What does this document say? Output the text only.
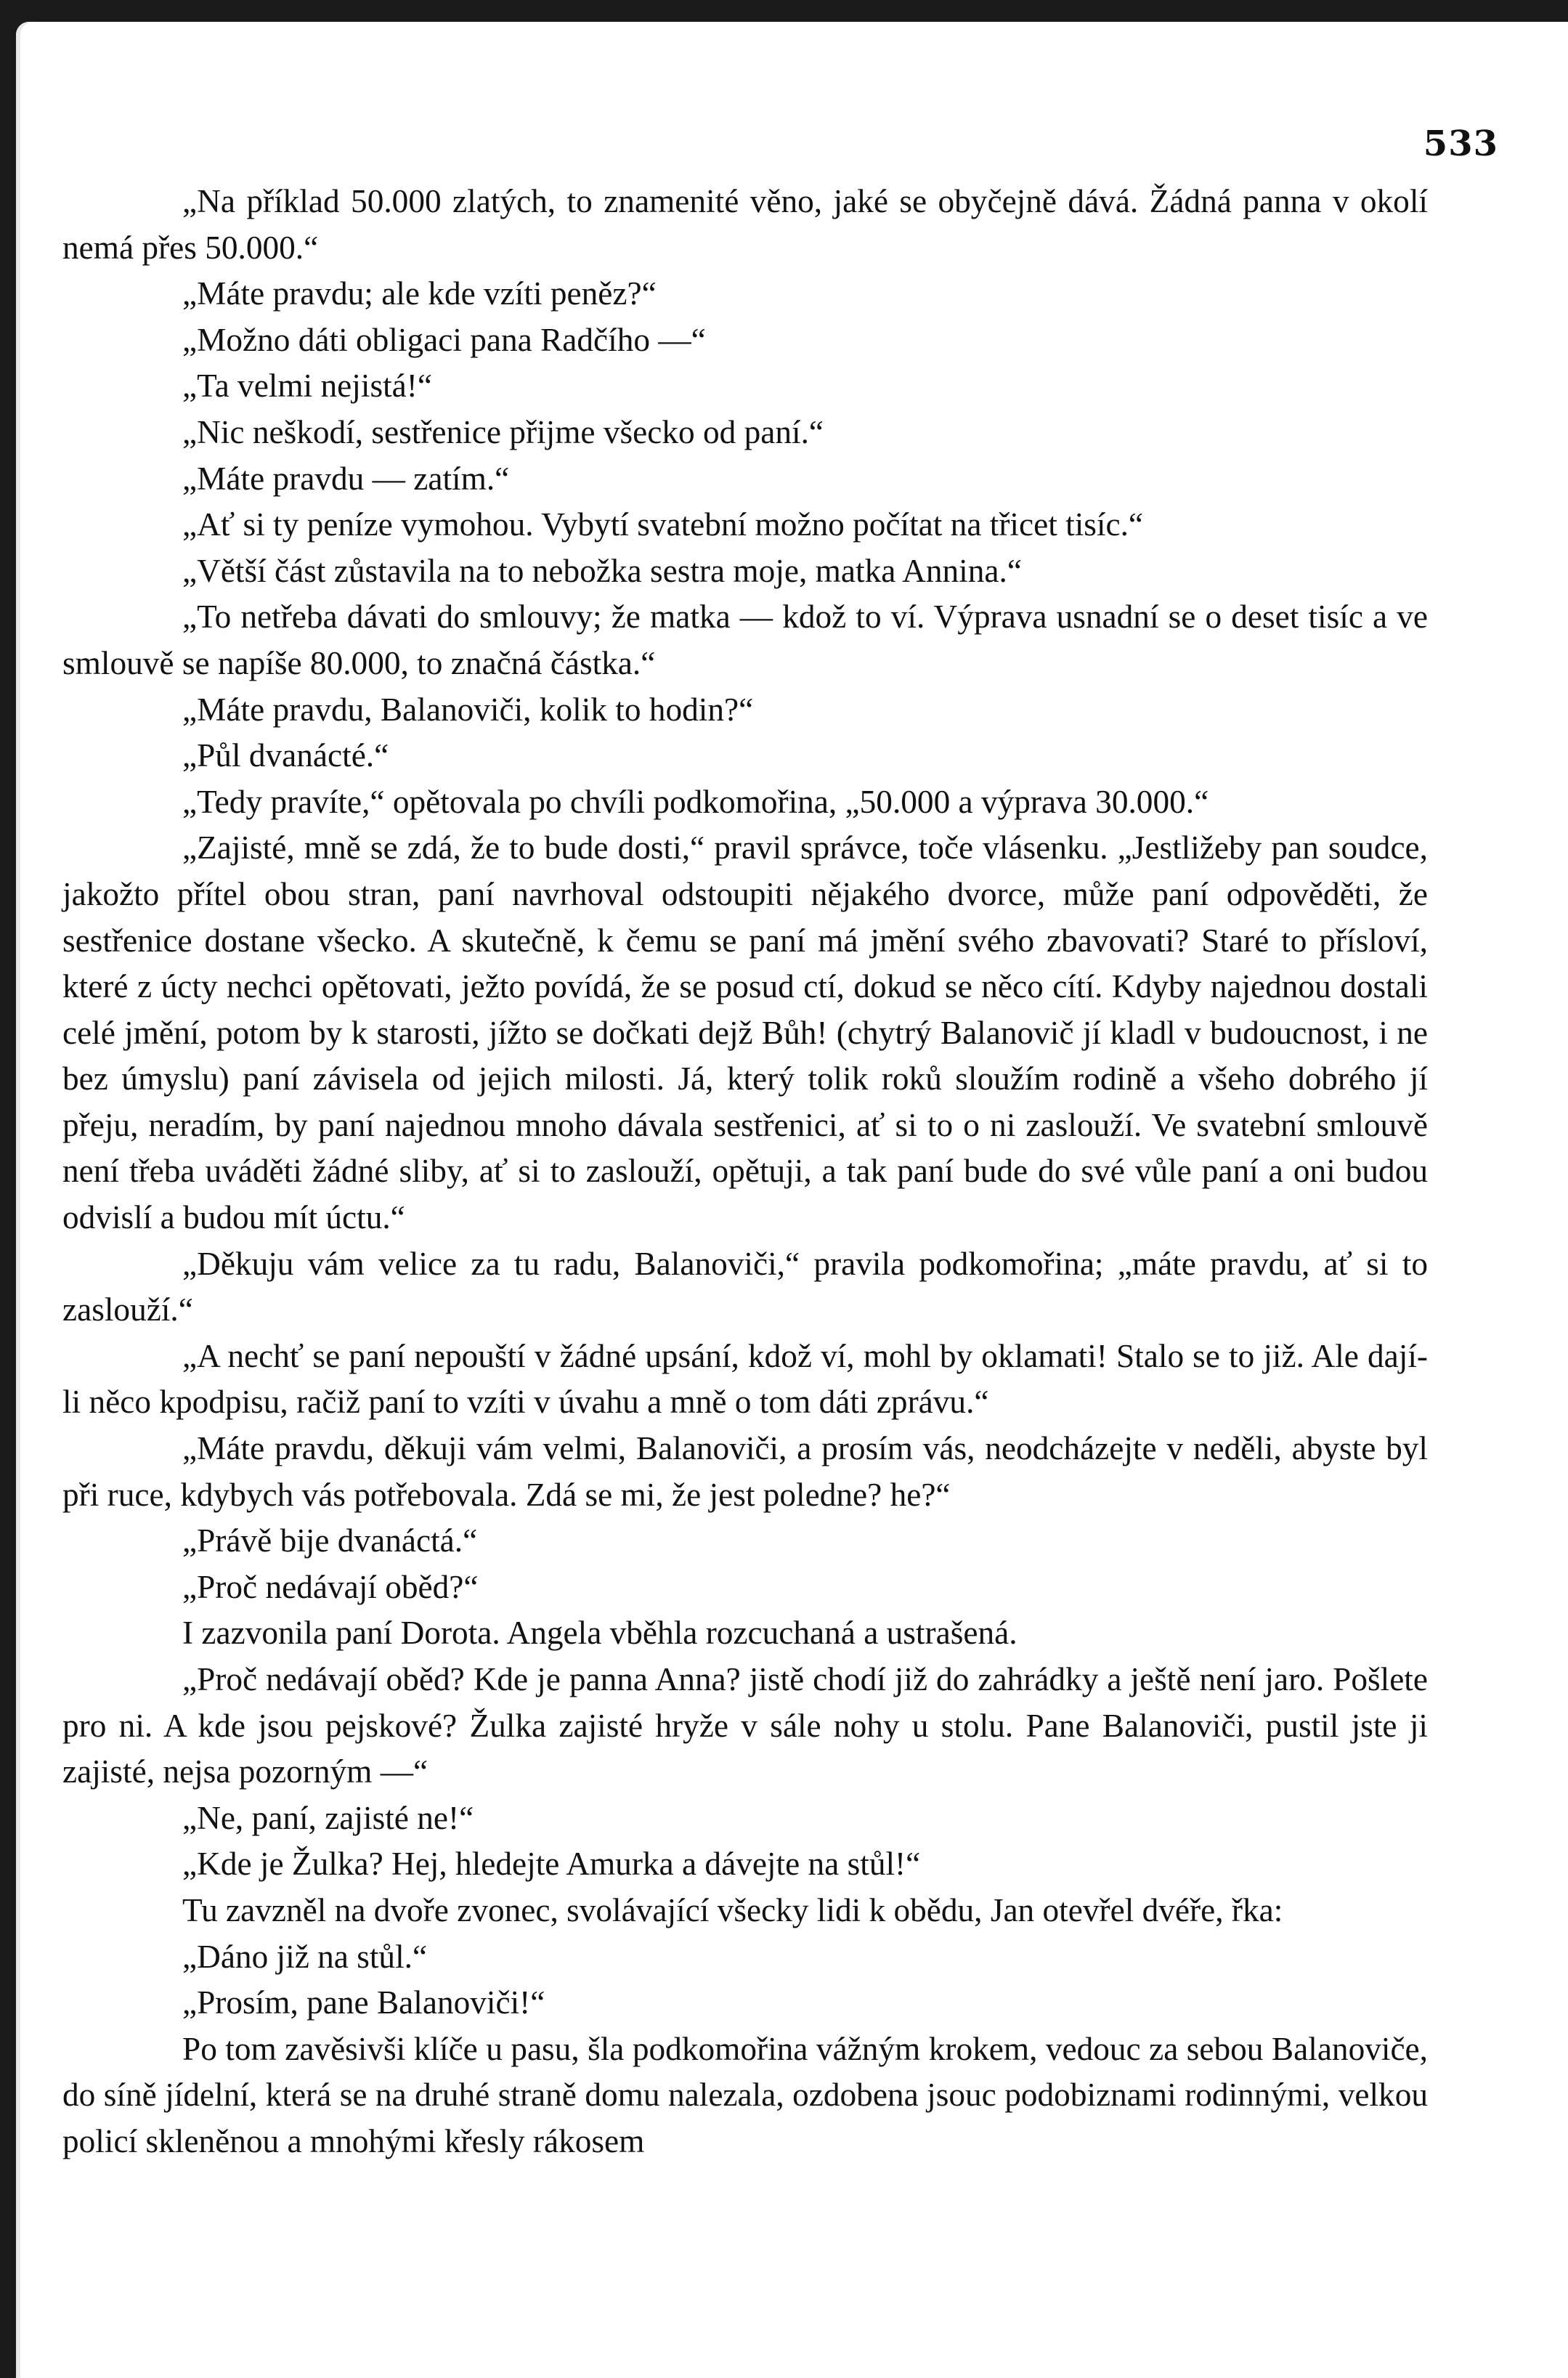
533

„Na příklad 50.000 zlatých, to znamenité věno, jaké se obyčejně dává. Žádná panna v okolí nemá přes 50.000.“

„Máte pravdu; ale kde vzíti peněz?“

„Možno dáti obligaci pana Radčího —“

„Ta velmi nejistá!“

„Nic neškodí, sestřenice přijme všecko od paní.“

„Máte pravdu — zatím.“

„Ať si ty peníze vymohou. Vybytí svatební možno počítat na třicet tisíc.“

„Větší část zůstavila na to nebožka sestra moje, matka Annina.“

„To netřeba dávati do smlouvy; že matka — kdož to ví. Výprava usnadní se o deset tisíc a ve smlouvě se napíše 80.000, to značná částka.“

„Máte pravdu, Balanoviči, kolik to hodin?“

„Půl dvanácté.“

„Tedy pravíte,“ opětovala po chvíli podkomořina, „50.000 a výprava 30.000.“

„Zajisté, mně se zdá, že to bude dosti,“ pravil správce, toče vlásenku. „Jestližeby pan soudce, jakožto přítel obou stran, paní navrhoval odstoupiti nějakého dvorce, může paní odpověděti, že sestřenice dostane všecko. A skutečně, k čemu se paní má jmění svého zbavovati? Staré to přísloví, které z úcty nechci opětovati, ježto povídá, že se posud ctí, dokud se něco cítí. Kdyby najednou dostali celé jmění, potom by k starosti, jížto se dočkati dejž Bůh! (chytrý Balanovič jí kladl v budoucnost, i ne bez úmyslu) paní závisela od jejich milosti. Já, který tolik roků sloužím rodině a všeho dobrého jí přeju, neradím, by paní najednou mnoho dávala sestřenici, ať si to o ni zaslouží. Ve svatební smlouvě není třeba uváděti žádné sliby, ať si to zaslouží, opětuji, a tak paní bude do své vůle paní a oni budou odvislí a budou mít úctu.“

„Děkuju vám velice za tu radu, Balanoviči,“ pravila podkomořina; „máte pravdu, ať si to zaslouží.“

„A nechť se paní nepouští v žádné upsání, kdož ví, mohl by oklamati! Stalo se to již. Ale dají-li něco kpodpisu, račiž paní to vzíti v úvahu a mně o tom dáti zprávu.“

„Máte pravdu, děkuji vám velmi, Balanoviči, a prosím vás, neodcházejte v neděli, abyste byl při ruce, kdybych vás potřebovala. Zdá se mi, že jest poledne? he?“

„Právě bije dvanáctá.“

„Proč nedávají oběd?“

I zazvonila paní Dorota. Angela vběhla rozcuchaná a ustrašená.

„Proč nedávají oběd? Kde je panna Anna? jistě chodí již do zahrádky a ještě není jaro. Pošlete pro ni. A kde jsou pejskové? Žulka zajisté hryže v sále nohy u stolu. Pane Balanoviči, pustil jste ji zajisté, nejsa pozorným —“

„Ne, paní, zajisté ne!“

„Kde je Žulka? Hej, hledejte Amurka a dávejte na stůl!“

Tu zavzněl na dvoře zvonec, svolávající všecky lidi k obědu, Jan otevřel dvéře, řka:

„Dáno již na stůl.“

„Prosím, pane Balanoviči!“

Po tom zavěsivši klíče u pasu, šla podkomořina vážným krokem, vedouc za sebou Balanoviče, do síně jídelní, která se na druhé straně domu nalezala, ozdobena jsouc podobiznami rodinnými, velkou policí skleněnou a mnohými křesly rákosem
